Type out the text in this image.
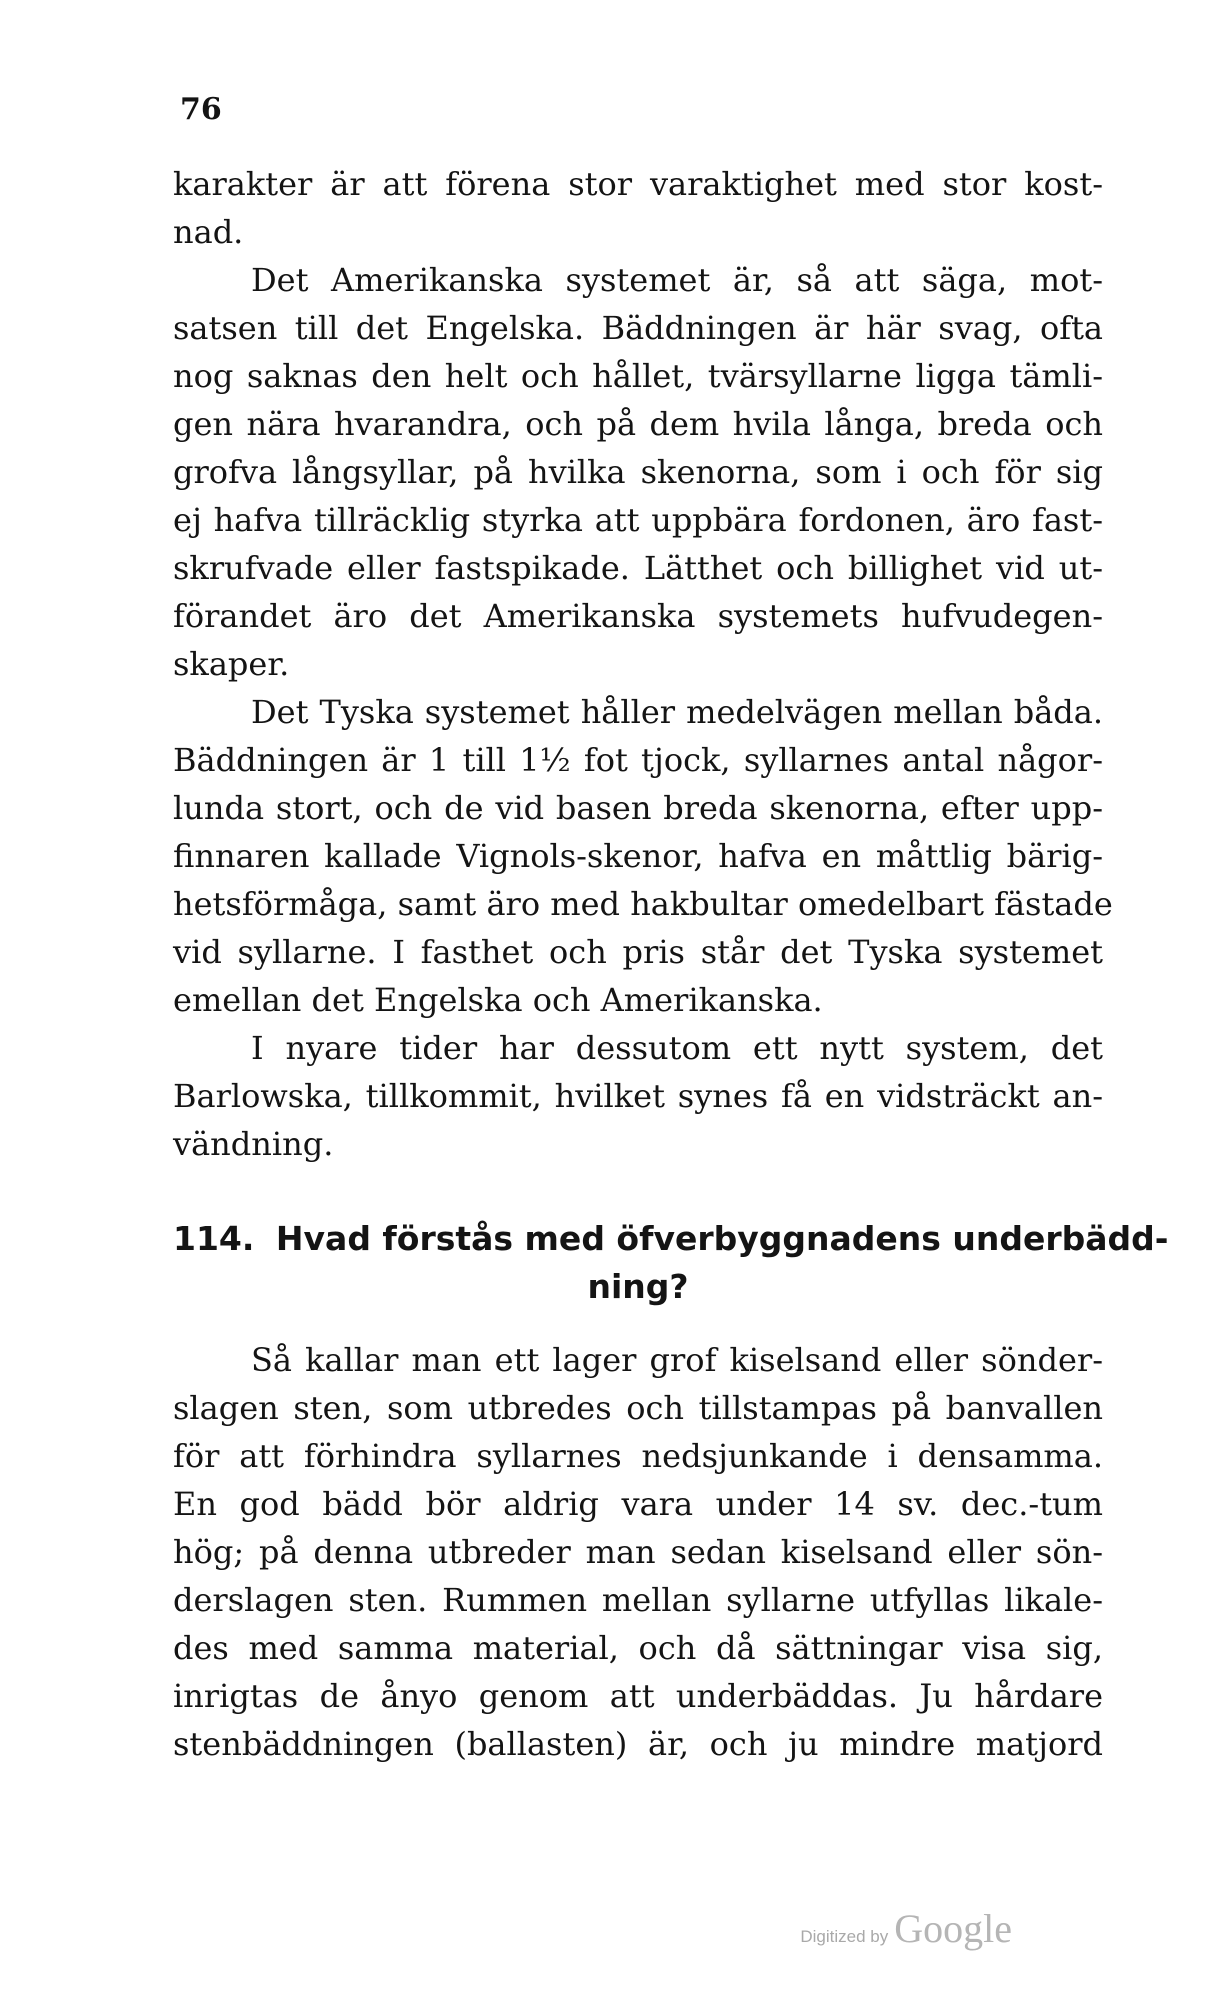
76
karakter är att förena stor varaktighet med stor kost-
nad.
Det Amerikanska systemet är, så att säga, mot-
satsen till det Engelska. Bäddningen är här svag, ofta
nog saknas den helt och hållet, tvärsyllarne ligga tämli-
gen nära hvarandra, och på dem hvila långa, breda och
grofva långsyllar, på hvilka skenorna, som i och för sig
ej hafva tillräcklig styrka att uppbära fordonen, äro fast-
skrufvade eller fastspikade. Lätthet och billighet vid ut-
förandet äro det Amerikanska systemets hufvudegen-
skaper.
Det Tyska systemet håller medelvägen mellan båda.
Bäddningen är 1 till 1½ fot tjock, syllarnes antal någor-
lunda stort, och de vid basen breda skenorna, efter upp-
finnaren kallade Vignols-skenor, hafva en måttlig bärig-
hetsförmåga, samt äro med hakbultar omedelbart fästade
vid syllarne. I fasthet och pris står det Tyska systemet
emellan det Engelska och Amerikanska.
I nyare tider har dessutom ett nytt system, det
Barlowska, tillkommit, hvilket synes få en vidsträckt an-
vändning.
114. Hvad förstås med öfverbyggnadens underbädd-
ning?
Så kallar man ett lager grof kiselsand eller sönder-
slagen sten, som utbredes och tillstampas på banvallen
för att förhindra syllarnes nedsjunkande i densamma.
En god bädd bör aldrig vara under 14 sv. dec.-tum
hög; på denna utbreder man sedan kiselsand eller sön-
derslagen sten. Rummen mellan syllarne utfyllas likale-
des med samma material, och då sättningar visa sig,
inrigtas de ånyo genom att underbäddas. Ju hårdare
stenbäddningen (ballasten) är, och ju mindre matjord
Digitized by Google
